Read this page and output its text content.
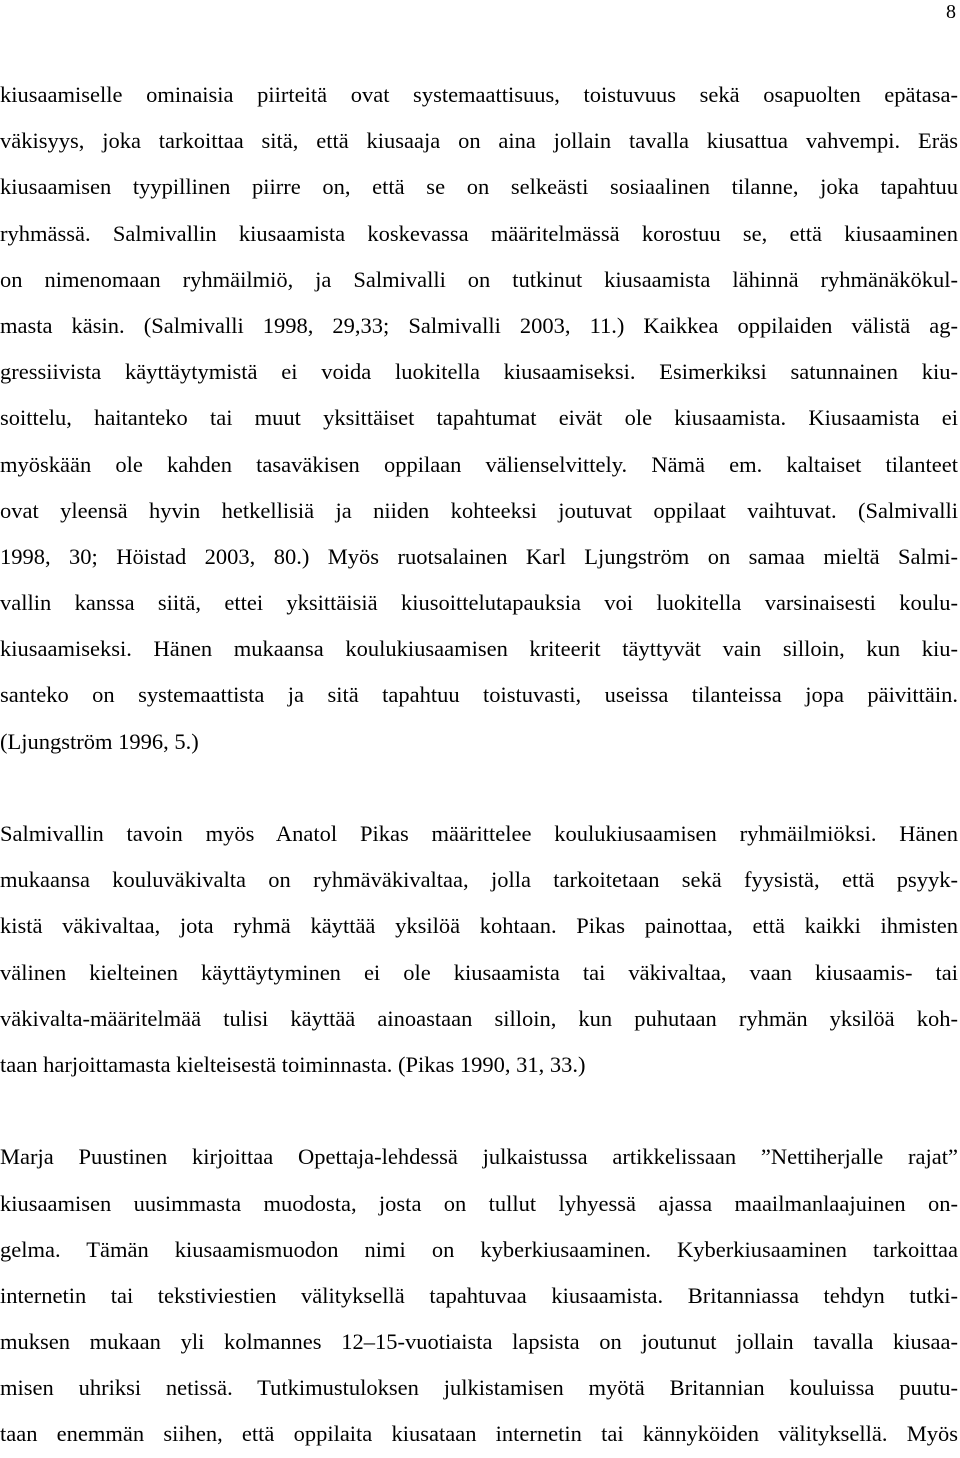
8

kiusaamiselle ominaisia piirteitä ovat systemaattisuus, toistuvuus sekä osapuolten epätasa-
väkisyys, joka tarkoittaa sitä, että kiusaaja on aina jollain tavalla kiusattua vahvempi. Eräs
kiusaamisen tyypillinen piirre on, että se on selkeästi sosiaalinen tilanne, joka tapahtuu
ryhmässä. Salmivallin kiusaamista koskevassa määritelmässä korostuu se, että kiusaaminen
on nimenomaan ryhmäilmiö, ja Salmivalli on tutkinut kiusaamista lähinnä ryhmänäkökul-
masta käsin. (Salmivalli 1998, 29,33; Salmivalli 2003, 11.) Kaikkea oppilaiden välistä ag-
gressiivista käyttäytymistä ei voida luokitella kiusaamiseksi. Esimerkiksi satunnainen kiu-
soittelu, haitanteko tai muut yksittäiset tapahtumat eivät ole kiusaamista. Kiusaamista ei
myöskään ole kahden tasaväkisen oppilaan välienselvittely. Nämä em. kaltaiset tilanteet
ovat yleensä hyvin hetkellisiä ja niiden kohteeksi joutuvat oppilaat vaihtuvat. (Salmivalli
1998, 30; Höistad 2003, 80.) Myös ruotsalainen Karl Ljungström on samaa mieltä Salmi-
vallin kanssa siitä, ettei yksittäisiä kiusoittelutapauksia voi luokitella varsinaisesti koulu-
kiusaamiseksi. Hänen mukaansa koulukiusaamisen kriteerit täyttyvät vain silloin, kun kiu-
santeko on systemaattista ja sitä tapahtuu toistuvasti, useissa tilanteissa jopa päivittäin.
(Ljungström 1996, 5.)

Salmivallin tavoin myös Anatol Pikas määrittelee koulukiusaamisen ryhmäilmiöksi. Hänen
mukaansa kouluväkivalta on ryhmäväkivaltaa, jolla tarkoitetaan sekä fyysistä, että psyyk-
kistä väkivaltaa, jota ryhmä käyttää yksilöä kohtaan. Pikas painottaa, että kaikki ihmisten
välinen kielteinen käyttäytyminen ei ole kiusaamista tai väkivaltaa, vaan kiusaamis- tai
väkivalta-määritelmää tulisi käyttää ainoastaan silloin, kun puhutaan ryhmän yksilöä koh-
taan harjoittamasta kielteisestä toiminnasta. (Pikas 1990, 31, 33.)

Marja Puustinen kirjoittaa Opettaja-lehdessä julkaistussa artikkelissaan ”Nettiherjalle rajat”
kiusaamisen uusimmasta muodosta, josta on tullut lyhyessä ajassa maailmanlaajuinen on-
gelma. Tämän kiusaamismuodon nimi on kyberkiusaaminen. Kyberkiusaaminen tarkoittaa
internetin tai tekstiviestien välityksellä tapahtuvaa kiusaamista. Britanniassa tehdyn tutki-
muksen mukaan yli kolmannes 12–15-vuotiaista lapsista on joutunut jollain tavalla kiusaa-
misen uhriksi netissä. Tutkimustuloksen julkistamisen myötä Britannian kouluissa puutu-
taan enemmän siihen, että oppilaita kiusataan internetin tai kännyköiden välityksellä. Myös
